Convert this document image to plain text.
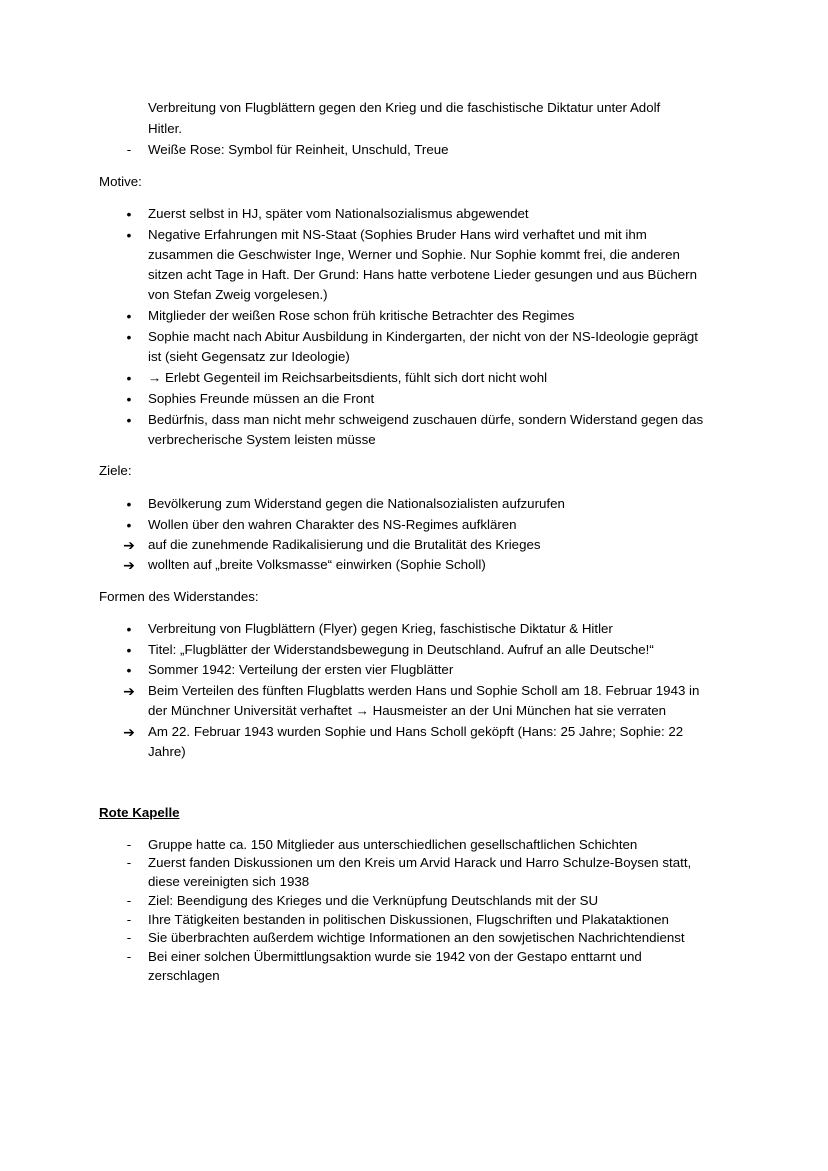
Verbreitung von Flugblättern gegen den Krieg und die faschistische Diktatur unter Adolf
Hitler.
-	Weiße Rose: Symbol für Reinheit, Unschuld, Treue
Motive:
•	Zuerst selbst in HJ, später vom Nationalsozialismus abgewendet
•	Negative Erfahrungen mit NS-Staat (Sophies Bruder Hans wird verhaftet und mit ihm
zusammen die Geschwister Inge, Werner und Sophie. Nur Sophie kommt frei, die anderen
sitzen acht Tage in Haft. Der Grund: Hans hatte verbotene Lieder gesungen und aus Büchern
von Stefan Zweig vorgelesen.)
•	Mitglieder der weißen Rose schon früh kritische Betrachter des Regimes
•	Sophie macht nach Abitur Ausbildung in Kindergarten, der nicht von der NS-Ideologie geprägt
ist (sieht Gegensatz zur Ideologie)
•	→ Erlebt Gegenteil im Reichsarbeitsdients, fühlt sich dort nicht wohl
•	Sophies Freunde müssen an die Front
•	Bedürfnis, dass man nicht mehr schweigend zuschauen dürfe, sondern Widerstand gegen das
verbrecherische System leisten müsse
Ziele:
•	Bevölkerung zum Widerstand gegen die Nationalsozialisten aufzurufen
•	Wollen über den wahren Charakter des NS-Regimes aufklären
➔ auf die zunehmende Radikalisierung und die Brutalität des Krieges
➔ wollten auf „breite Volksmasse“ einwirken (Sophie Scholl)
Formen des Widerstandes:
•	Verbreitung von Flugblättern (Flyer) gegen Krieg, faschistische Diktatur & Hitler
•	Titel: „Flugblätter der Widerstandsbewegung in Deutschland. Aufruf an alle Deutsche!“
•	Sommer 1942: Verteilung der ersten vier Flugblätter
➔ Beim Verteilen des fünften Flugblatts werden Hans und Sophie Scholl am 18. Februar 1943 in
der Münchner Universität verhaftet → Hausmeister an der Uni München hat sie verraten
➔ Am 22. Februar 1943 wurden Sophie und Hans Scholl geköpft (Hans: 25 Jahre; Sophie: 22
Jahre)
Rote Kapelle
-	Gruppe hatte ca. 150 Mitglieder aus unterschiedlichen gesellschaftlichen Schichten
-	Zuerst fanden Diskussionen um den Kreis um Arvid Harack und Harro Schulze-Boysen statt,
diese vereinigten sich 1938
-	Ziel: Beendigung des Krieges und die Verknüpfung Deutschlands mit der SU
-	Ihre Tätigkeiten bestanden in politischen Diskussionen, Flugschriften und Plakataktionen
-	Sie überbrachten außerdem wichtige Informationen an den sowjetischen Nachrichtendienst
-	Bei einer solchen Übermittlungsaktion wurde sie 1942 von der Gestapo enttarnt und
zerschlagen
